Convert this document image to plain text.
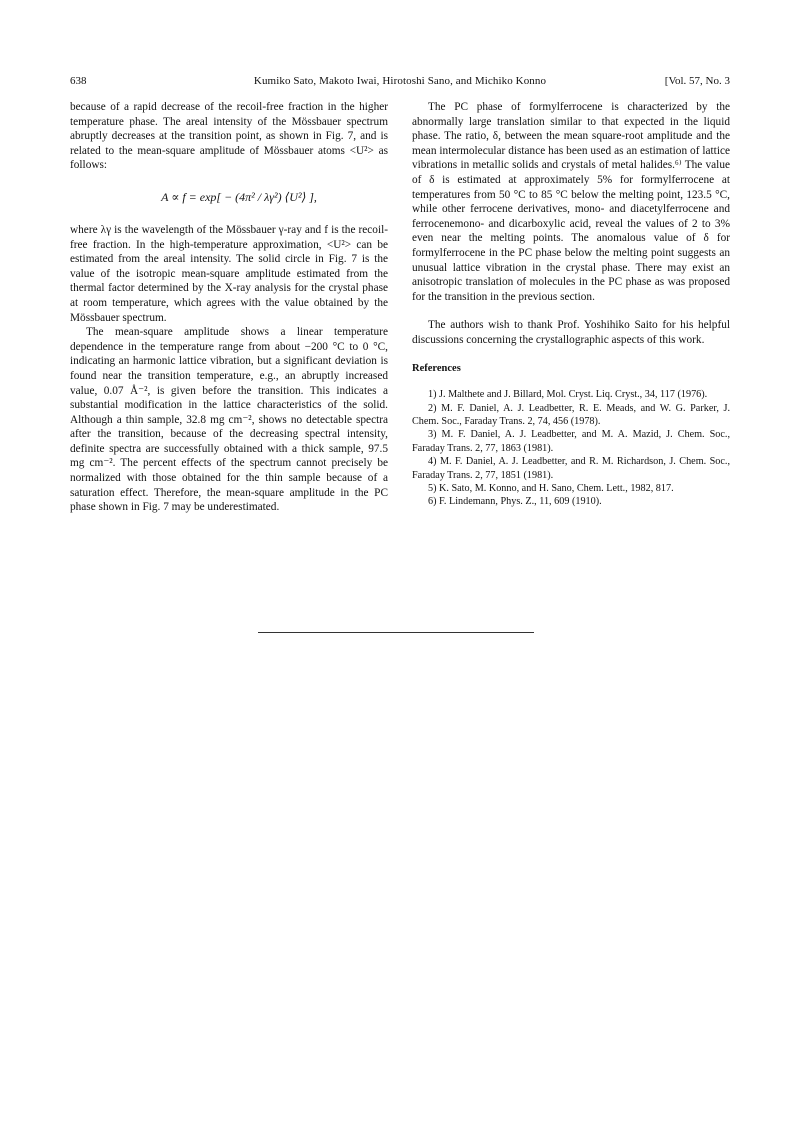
638	Kumiko Sato, Makoto Iwai, Hirotoshi Sano, and Michiko Konno	[Vol. 57, No. 3

because of a rapid decrease of the recoil-free fraction in the higher temperature phase. The areal intensity of the Mössbauer spectrum abruptly decreases at the transition point, as shown in Fig. 7, and is related to the mean-square amplitude of Mössbauer atoms <U²> as follows:

A ∝ f = exp[ − (4π² / λγ²) ⟨U²⟩ ],

where λγ is the wavelength of the Mössbauer γ-ray and f is the recoil-free fraction. In the high-temperature approximation, <U²> can be estimated from the areal intensity. The solid circle in Fig. 7 is the value of the isotropic mean-square amplitude estimated from the thermal factor determined by the X-ray analysis for the crystal phase at room temperature, which agrees with the value obtained by the Mössbauer spectrum.

The mean-square amplitude shows a linear temperature dependence in the temperature range from about −200 °C to 0 °C, indicating an harmonic lattice vibration, but a significant deviation is found near the transition temperature, e.g., an abruptly increased value, 0.07 Å⁻², is given before the transition. This indicates a substantial modification in the lattice characteristics of the solid. Although a thin sample, 32.8 mg cm⁻², shows no detectable spectra after the transition, because of the decreasing spectral intensity, definite spectra are successfully obtained with a thick sample, 97.5 mg cm⁻². The percent effects of the spectrum cannot precisely be normalized with those obtained for the thin sample because of a saturation effect. Therefore, the mean-square amplitude in the PC phase shown in Fig. 7 may be underestimated.

The PC phase of formylferrocene is characterized by the abnormally large translation similar to that expected in the liquid phase. The ratio, δ, between the mean square-root amplitude and the mean intermolecular distance has been used as an estimation of lattice vibrations in metallic solids and crystals of metal halides.⁶⁾ The value of δ is estimated at approximately 5% for formylferrocene at temperatures from 50 °C to 85 °C below the melting point, 123.5 °C, while other ferrocene derivatives, mono- and diacetylferrocene and ferrocenemono- and dicarboxylic acid, reveal the values of 2 to 3% even near the melting points. The anomalous value of δ for formylferrocene in the PC phase below the melting point suggests an unusual lattice vibration in the crystal phase. There may exist an anisotropic translation of molecules in the PC phase as was proposed for the transition in the previous section.

The authors wish to thank Prof. Yoshihiko Saito for his helpful discussions concerning the crystallographic aspects of this work.

References

1) J. Malthete and J. Billard, Mol. Cryst. Liq. Cryst., 34, 117 (1976).

2) M. F. Daniel, A. J. Leadbetter, R. E. Meads, and W. G. Parker, J. Chem. Soc., Faraday Trans. 2, 74, 456 (1978).

3) M. F. Daniel, A. J. Leadbetter, and M. A. Mazid, J. Chem. Soc., Faraday Trans. 2, 77, 1863 (1981).

4) M. F. Daniel, A. J. Leadbetter, and R. M. Richardson, J. Chem. Soc., Faraday Trans. 2, 77, 1851 (1981).

5) K. Sato, M. Konno, and H. Sano, Chem. Lett., 1982, 817.

6) F. Lindemann, Phys. Z., 11, 609 (1910).
